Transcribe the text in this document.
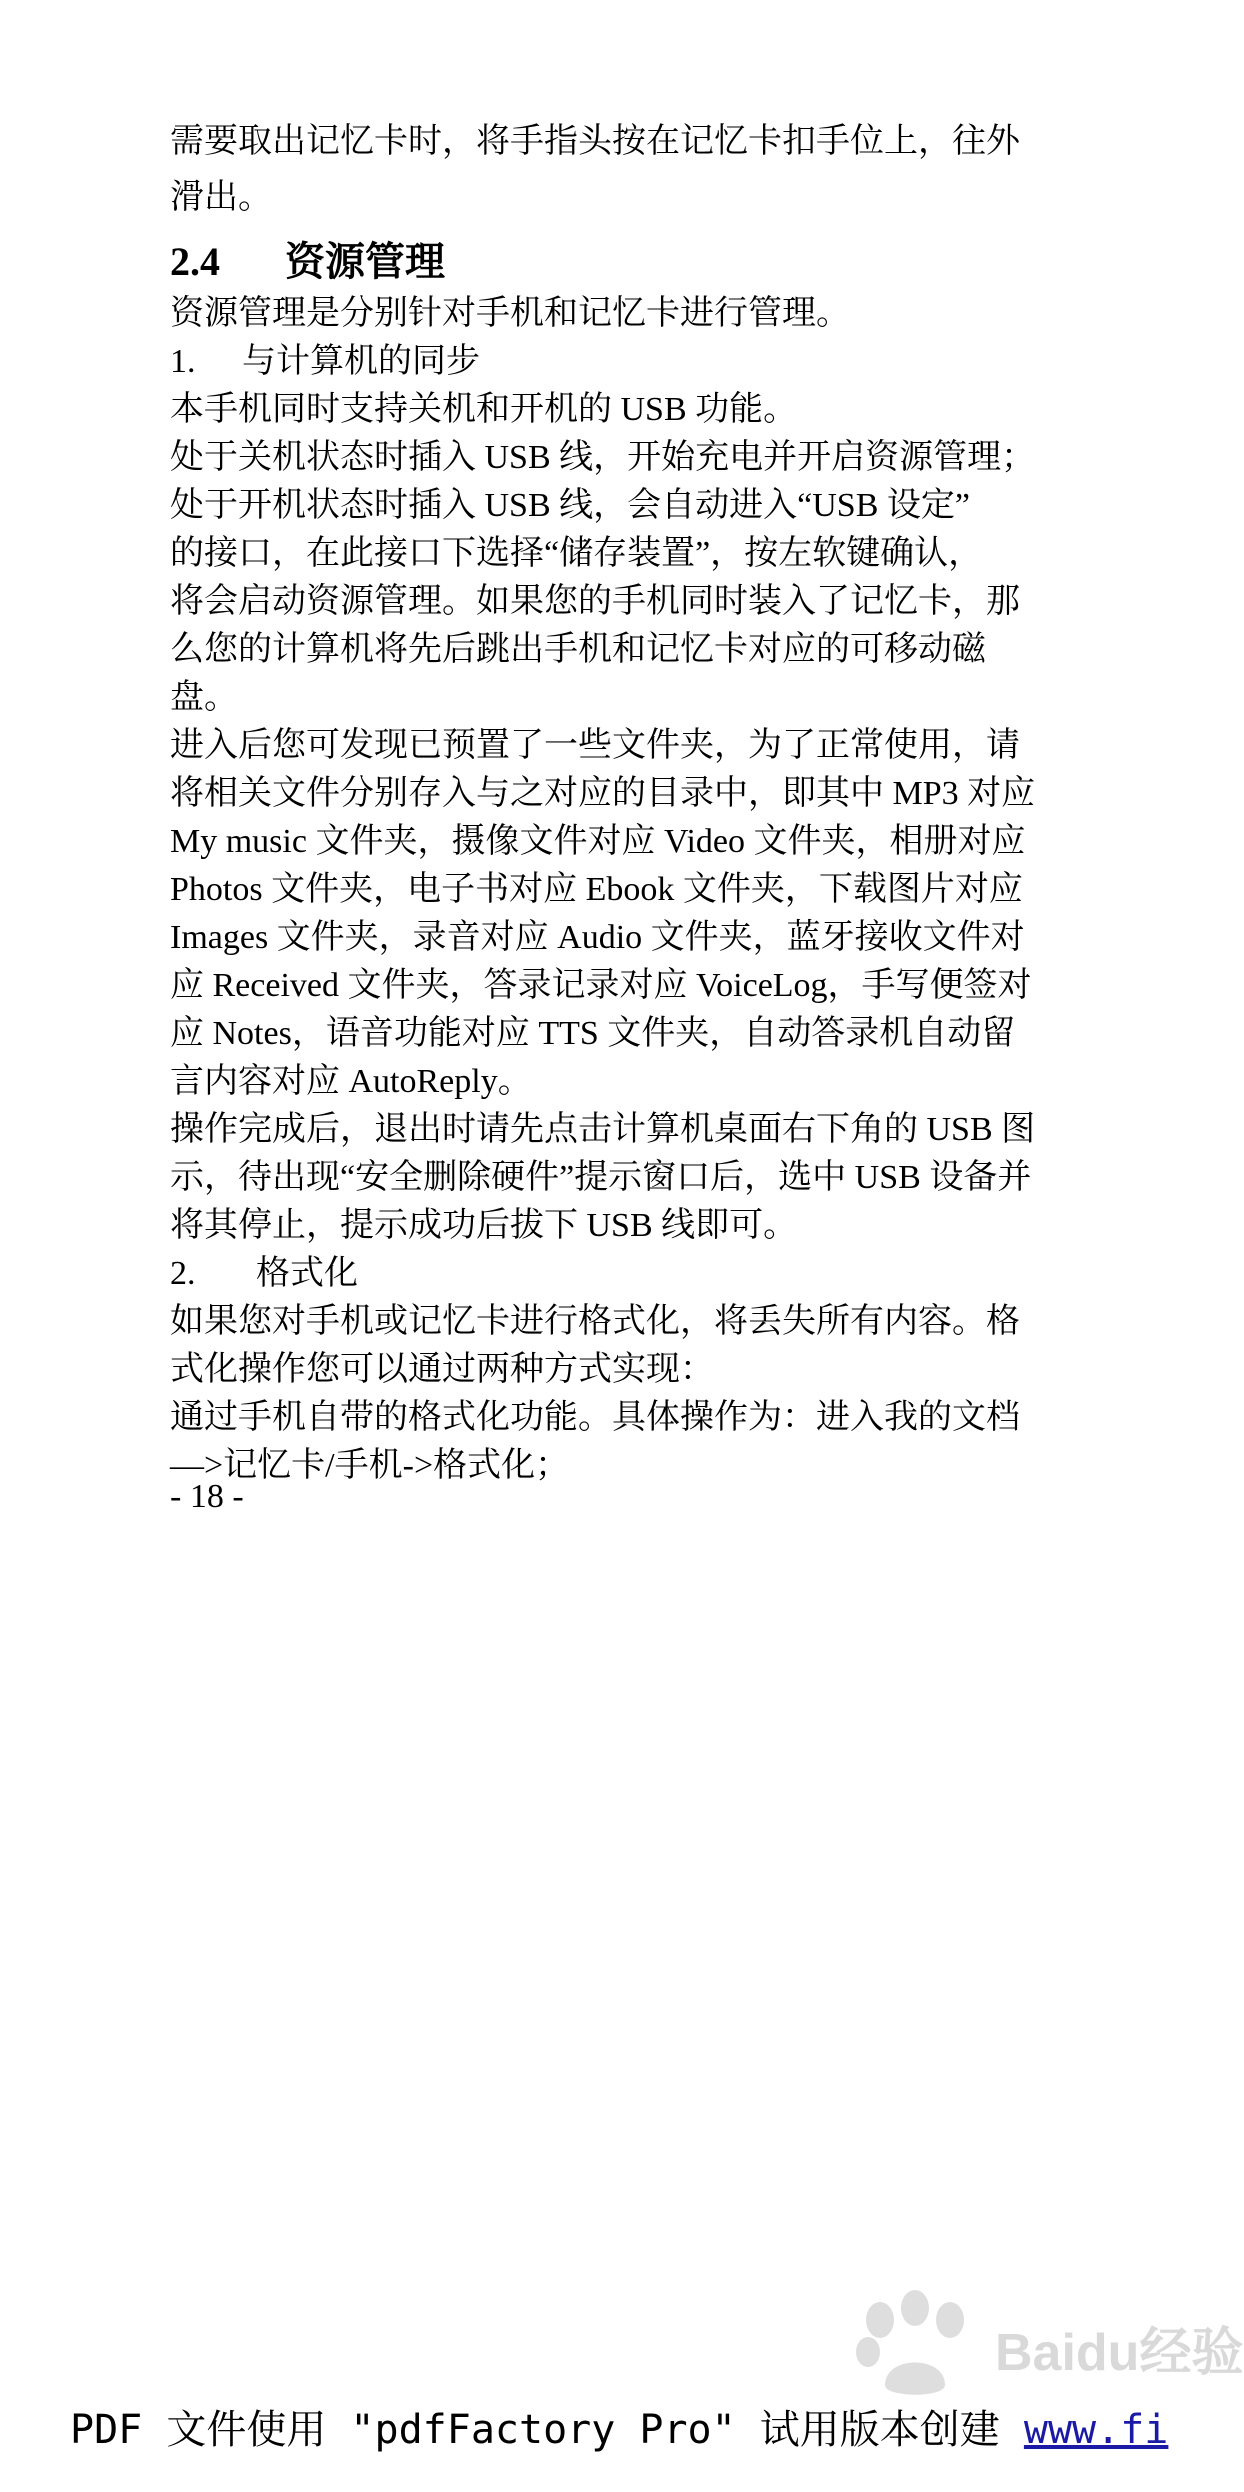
需要取出记忆卡时，将手指头按在记忆卡扣手位上，往外
滑出。
2.4 资源管理
资源管理是分别针对手机和记忆卡进行管理。
1. 与计算机的同步
本手机同时支持关机和开机的 USB 功能。
处于关机状态时插入 USB 线，开始充电并开启资源管理；
处于开机状态时插入 USB 线，会自动进入“USB 设定”
的接口，在此接口下选择“储存装置”，按左软键确认，
将会启动资源管理。如果您的手机同时装入了记忆卡，那
么您的计算机将先后跳出手机和记忆卡对应的可移动磁
盘。
进入后您可发现已预置了一些文件夹，为了正常使用，请
将相关文件分别存入与之对应的目录中，即其中 MP3 对应
My music 文件夹，摄像文件对应 Video 文件夹，相册对应
Photos 文件夹，电子书对应 Ebook 文件夹，下载图片对应
Images 文件夹，录音对应 Audio 文件夹，蓝牙接收文件对
应 Received 文件夹，答录记录对应 VoiceLog，手写便签对
应 Notes，语音功能对应 TTS 文件夹，自动答录机自动留
言内容对应 AutoReply。
操作完成后，退出时请先点击计算机桌面右下角的 USB 图
示，待出现“安全删除硬件”提示窗口后，选中 USB 设备并
将其停止，提示成功后拔下 USB 线即可。
2. 格式化
如果您对手机或记忆卡进行格式化，将丢失所有内容。格
式化操作您可以通过两种方式实现：
通过手机自带的格式化功能。具体操作为：进入我的文档
—>记忆卡/手机->格式化；
- 18 -
Baidu经验
PDF 文件使用 "pdfFactory Pro" 试用版本创建 www.fi
